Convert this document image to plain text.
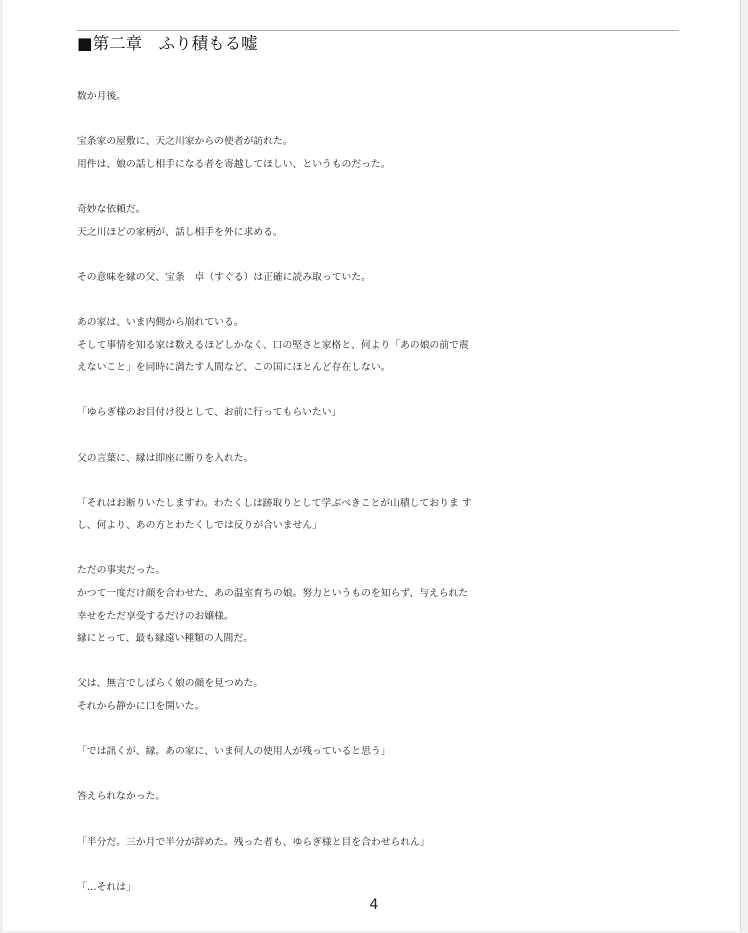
■第二章　ふり積もる嘘
数か月後。
宝条家の屋敷に、天之川家からの使者が訪れた。
用件は、娘の話し相手になる者を寄越してほしい、というものだった。
奇妙な依頼だ。
天之川ほどの家柄が、話し相手を外に求める。
その意味を縁の父、宝条　卓（すぐる）は正確に読み取っていた。
あの家は、いま内側から崩れている。
そして事情を知る家は数えるほどしかなく、口の堅さと家格と、何より「あの娘の前で震
えないこと」を同時に満たす人間など、この国にほとんど存在しない。
「ゆらぎ様のお目付け役として、お前に行ってもらいたい」
父の言葉に、縁は即座に断りを入れた。
「それはお断りいたしますわ。わたくしは跡取りとして学ぶべきことが山積しておりま す
し、何より、あの方とわたくしでは反りが合いません」
ただの事実だった。
かつて一度だけ顔を合わせた、あの温室育ちの娘。努力というものを知らず、与えられた
幸せをただ享受するだけのお嬢様。
縁にとって、最も縁遠い種類の人間だ。
父は、無言でしばらく娘の顔を見つめた。
それから静かに口を開いた。
「では訊くが、縁。あの家に、いま何人の使用人が残っていると思う」
答えられなかった。
「半分だ。三か月で半分が辞めた。残った者も、ゆらぎ様と目を合わせられん」
「…それは」
4
